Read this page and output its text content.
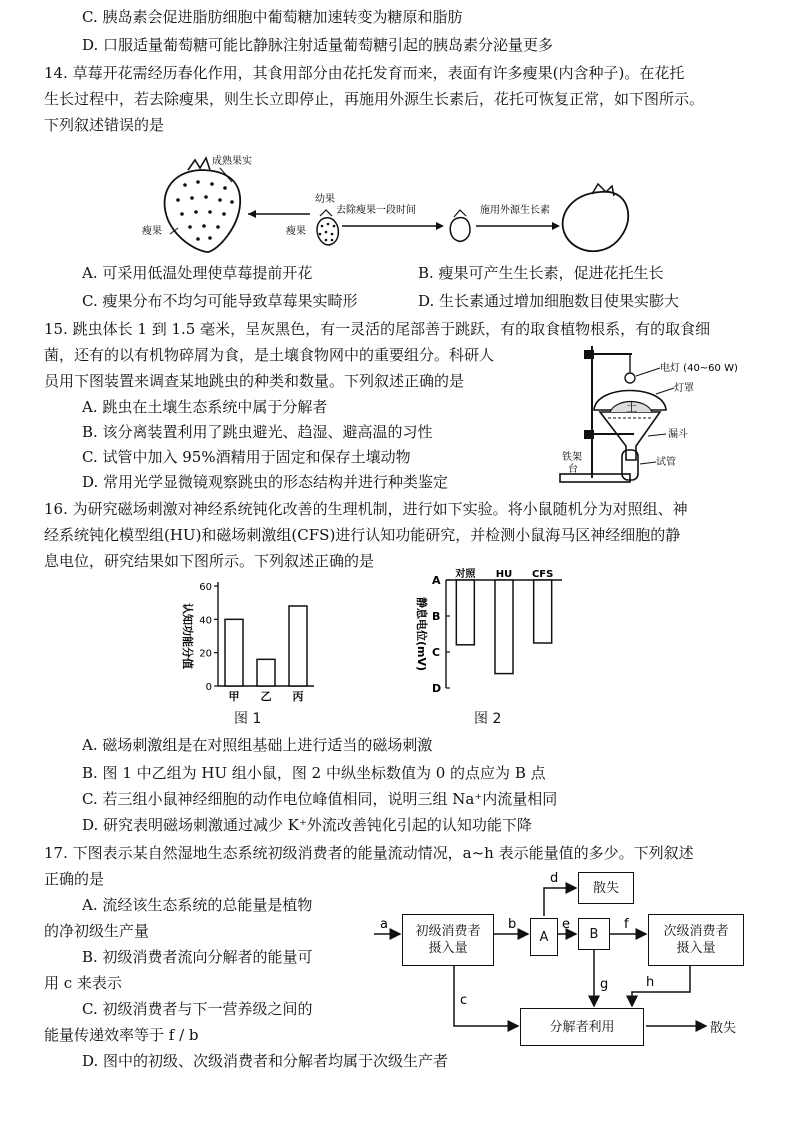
C. 胰岛素会促进脂肪细胞中葡萄糖加速转变为糖原和脂肪
D. 口服适量葡萄糖可能比静脉注射适量葡萄糖引起的胰岛素分泌量更多
14. 草莓开花需经历春化作用，其食用部分由花托发育而来，表面有许多瘦果(内含种子)。在花托
生长过程中，若去除瘦果，则生长立即停止，再施用外源生长素后，花托可恢复正常，如下图所示。
下列叙述错误的是
成熟果实
瘦果
幼果
瘦果
去除瘦果一段时间	施用外源生长素
A. 可采用低温处理使草莓提前开花	B. 瘦果可产生生长素，促进花托生长
C. 瘦果分布不均匀可能导致草莓果实畸形	D. 生长素通过增加细胞数目使果实膨大
15. 跳虫体长 1 到 1.5 毫米，呈灰黑色，有一灵活的尾部善于跳跃，有的取食植物根系，有的取食细
菌，还有的以有机物碎屑为食，是土壤食物网中的重要组分。科研人
员用下图装置来调查某地跳虫的种类和数量。下列叙述正确的是
A. 跳虫在土壤生态系统中属于分解者
B. 该分离装置利用了跳虫避光、趋湿、避高温的习性
C. 试管中加入 95%酒精用于固定和保存土壤动物
D. 常用光学显微镜观察跳虫的形态结构并进行种类鉴定
土
电灯 (40~60 W)
灯罩
漏斗
试管
铁架
台
16. 为研究磁场刺激对神经系统钝化改善的生理机制，进行如下实验。将小鼠随机分为对照组、神
经系统钝化模型组(HU)和磁场刺激组(CFS)进行认知功能研究，并检测小鼠海马区神经细胞的静
息电位，研究结果如下图所示。下列叙述正确的是
0
20
40
60
认知功能分值
甲 乙 丙
A
B
C
D
静息电位(mV)
对照 HU CFS
图 1	图 2
A. 磁场刺激组是在对照组基础上进行适当的磁场刺激
B. 图 1 中乙组为 HU 组小鼠，图 2 中纵坐标数值为 0 的点应为 B 点
C. 若三组小鼠神经细胞的动作电位峰值相同，说明三组 Na⁺内流量相同
D. 研究表明磁场刺激通过减少 K⁺外流改善钝化引起的认知功能下降
17. 下图表示某自然湿地生态系统初级消费者的能量流动情况，a~h 表示能量值的多少。下列叙述
正确的是
A. 流经该生态系统的总能量是植物
的净初级生产量
B. 初级消费者流向分解者的能量可
用 c 来表示
C. 初级消费者与下一营养级之间的
能量传递效率等于 f / b
D. 图中的初级、次级消费者和分解者均属于次级生产者
a	b
d
e	f
c
g	h
初级消费者
摄入量
A	B
散失
次级消费者
摄入量
分解者利用	散失
